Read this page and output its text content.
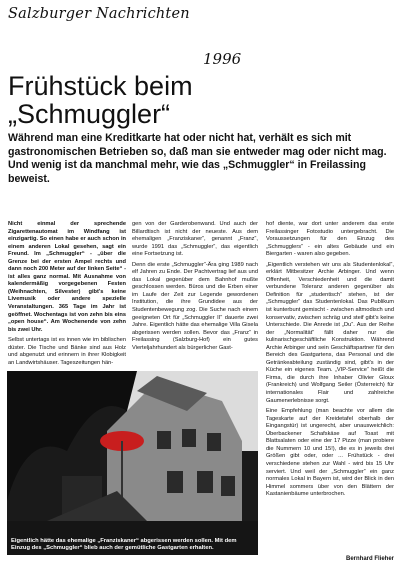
Salzburger Nachrichten
1996
Frühstück beim
„Schmuggler“

Während man eine Kreditkarte hat oder nicht hat, verhält es sich mit gastronomischen Betrieben so, daß man sie entweder mag oder nicht mag. Und wenig ist da manchmal mehr, wie das „Schmuggler“ in Freilassing beweist.

Nicht einmal der sprechende Zigarettenautomat im Windfang ist einzigartig. So einen habe er auch schon in einem anderen Lokal gesehen, sagt ein Freund. Im „Schmuggler“ - „über die Grenze bei der ersten Ampel rechts und dann noch 200 Meter auf der linken Seite“ - ist alles ganz normal. Mit Ausnahme von kalendermäßig vorgegebenen Festen (Weihnachten, Silvester) gibt's keine Livemusik oder andere spezielle Veranstaltungen. 365 Tage im Jahr ist geöffnet. Wochentags ist von zehn bis eins „open house“. Am Wochenende von zehn bis zwei Uhr.

Selbst untertags ist es innen wie im biblischen düster. Die Tische und Bänke sind aus Holz und abgenutzt und erinnern in ihrer Klobigkeit an Landwirtshäuser. Tageszeitungen hän-

gen von der Garderobenwand. Und auch der Billardtisch ist nicht der neueste. Aus dem ehemaligen „Franziskaner“, genannt „Franz“, wurde 1991 das „Schmuggler“, das eigentlich eine Fortsetzung ist.

Denn die erste „Schmuggler“-Ära ging 1989 nach elf Jahren zu Ende. Der Pachtvertrag lief aus und das Lokal gegenüber dem Bahnhof mußte geschlossen werden. Büros und die Erben einer im Laufe der Zeit zur Legende gewordenen Institution, die ihre Grundidee aus der Studentenbewegung zog. Die Suche nach einem geeigneten Ort für „Schmuggler II“ dauerte zwei Jahre. Eigentlich hätte das ehemalige Villa Gisela abgerissen werden sollen. Bevor das „Franz“ in Freilassing (Salzburg-Hof) ein gutes Vierteljahrhundert als bürgerlicher Gast-

hof diente, war dort unter anderem das erste Freilassinger Fotostudio untergebracht. Die Voraussetzungen für den Einzug des „Schmugglers“ - ein altes Gebäude und ein Biergarten - waren also gegeben.

„Eigentlich verstehen wir uns als Studentenlokal“, erklärt Mitbesitzer Archie Arbinger. Und wenn Offenheit, Verschiedenheit und die damit verbundene Toleranz anderen gegenüber als Definition für „studentisch“ stehen, ist der „Schmuggler“ das Studentenlokal. Das Publikum ist kunterbunt gemischt - zwischen altmodisch und konservativ, zwischen schräg und steif gibt's keine Unterschiede. Die Anrede ist „Du“. Aus der Reihe der „Normalität“ fällt daher nur die kulinarischgeschäftliche Konstruktion. Während Archie Arbinger und sein Geschäftspartner für den Bereich des Gastgartens, das Personal und die Getränkeabteilung zuständig sind, gibt's in der Küche ein eigenes Team. „VIP-Service“ heißt die Firma, die durch ihre Inhaber Olivier Gloux (Frankreich) und Wolfgang Seiler (Österreich) für internationales Flair und zahlreiche Gaumenerlebnisse sorgt.

Eine Empfehlung (man beachte vor allem die Tageskarte auf der Kreidetafel oberhalb der Eingangstür) ist ungerecht, aber unausweichlich: Überbackener Schafskäse auf Toast mit Blattsalaten oder eine der 17 Pizze (man probiere die Nummern 10 und 15!), die es in jeweils drei Größen gibt oder, oder ... Frühstück - drei verschiedene stehen zur Wahl - wird bis 15 Uhr serviert. Und weil der „Schmuggler“ ein ganz normales Lokal in Bayern ist, wird der Blick in den Himmel sommers über von den Blättern der Kastanienbäume unterbrochen.

Eigentlich hätte das ehemalige „Franziskaner“ abgerissen werden sollen. Mit dem Einzug des „Schmuggler“ blieb auch der gemütliche Gastgarten erhalten.
Bernhard Flieher
